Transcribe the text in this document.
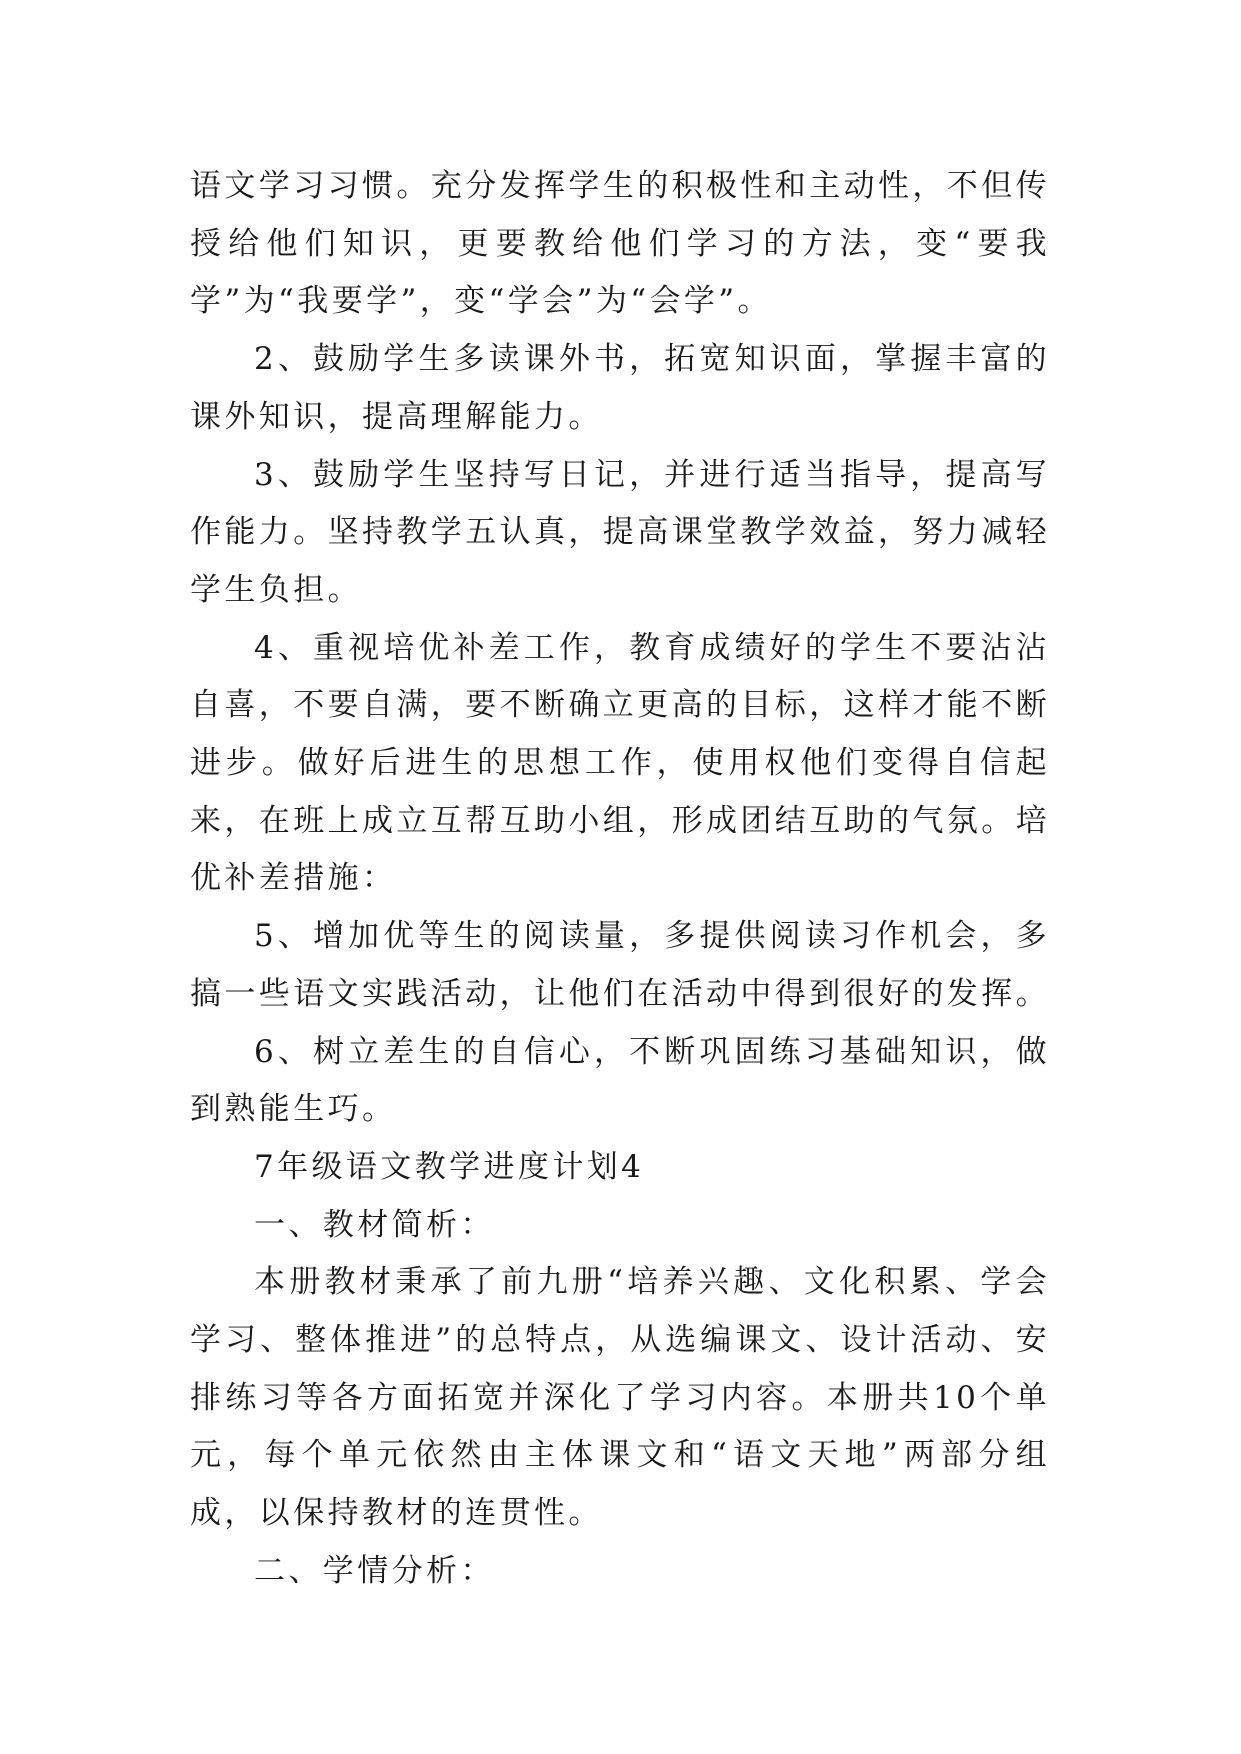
语文学习习惯。充分发挥学生的积极性和主动性，不但传授给他们知识，更要教给他们学习的方法，变“要我学”为“我要学”，变“学会”为“会学”。

2、鼓励学生多读课外书，拓宽知识面，掌握丰富的课外知识，提高理解能力。

3、鼓励学生坚持写日记，并进行适当指导，提高写作能力。坚持教学五认真，提高课堂教学效益，努力减轻学生负担。

4、重视培优补差工作，教育成绩好的学生不要沾沾自喜，不要自满，要不断确立更高的目标，这样才能不断进步。做好后进生的思想工作，使用权他们变得自信起来，在班上成立互帮互助小组，形成团结互助的气氛。培优补差措施：

5、增加优等生的阅读量，多提供阅读习作机会，多搞一些语文实践活动，让他们在活动中得到很好的发挥。

6、树立差生的自信心，不断巩固练习基础知识，做到熟能生巧。

7年级语文教学进度计划4

一、教材简析：

本册教材秉承了前九册“培养兴趣、文化积累、学会学习、整体推进”的总特点，从选编课文、设计活动、安排练习等各方面拓宽并深化了学习内容。本册共10个单元，每个单元依然由主体课文和“语文天地”两部分组成，以保持教材的连贯性。

二、学情分析：
